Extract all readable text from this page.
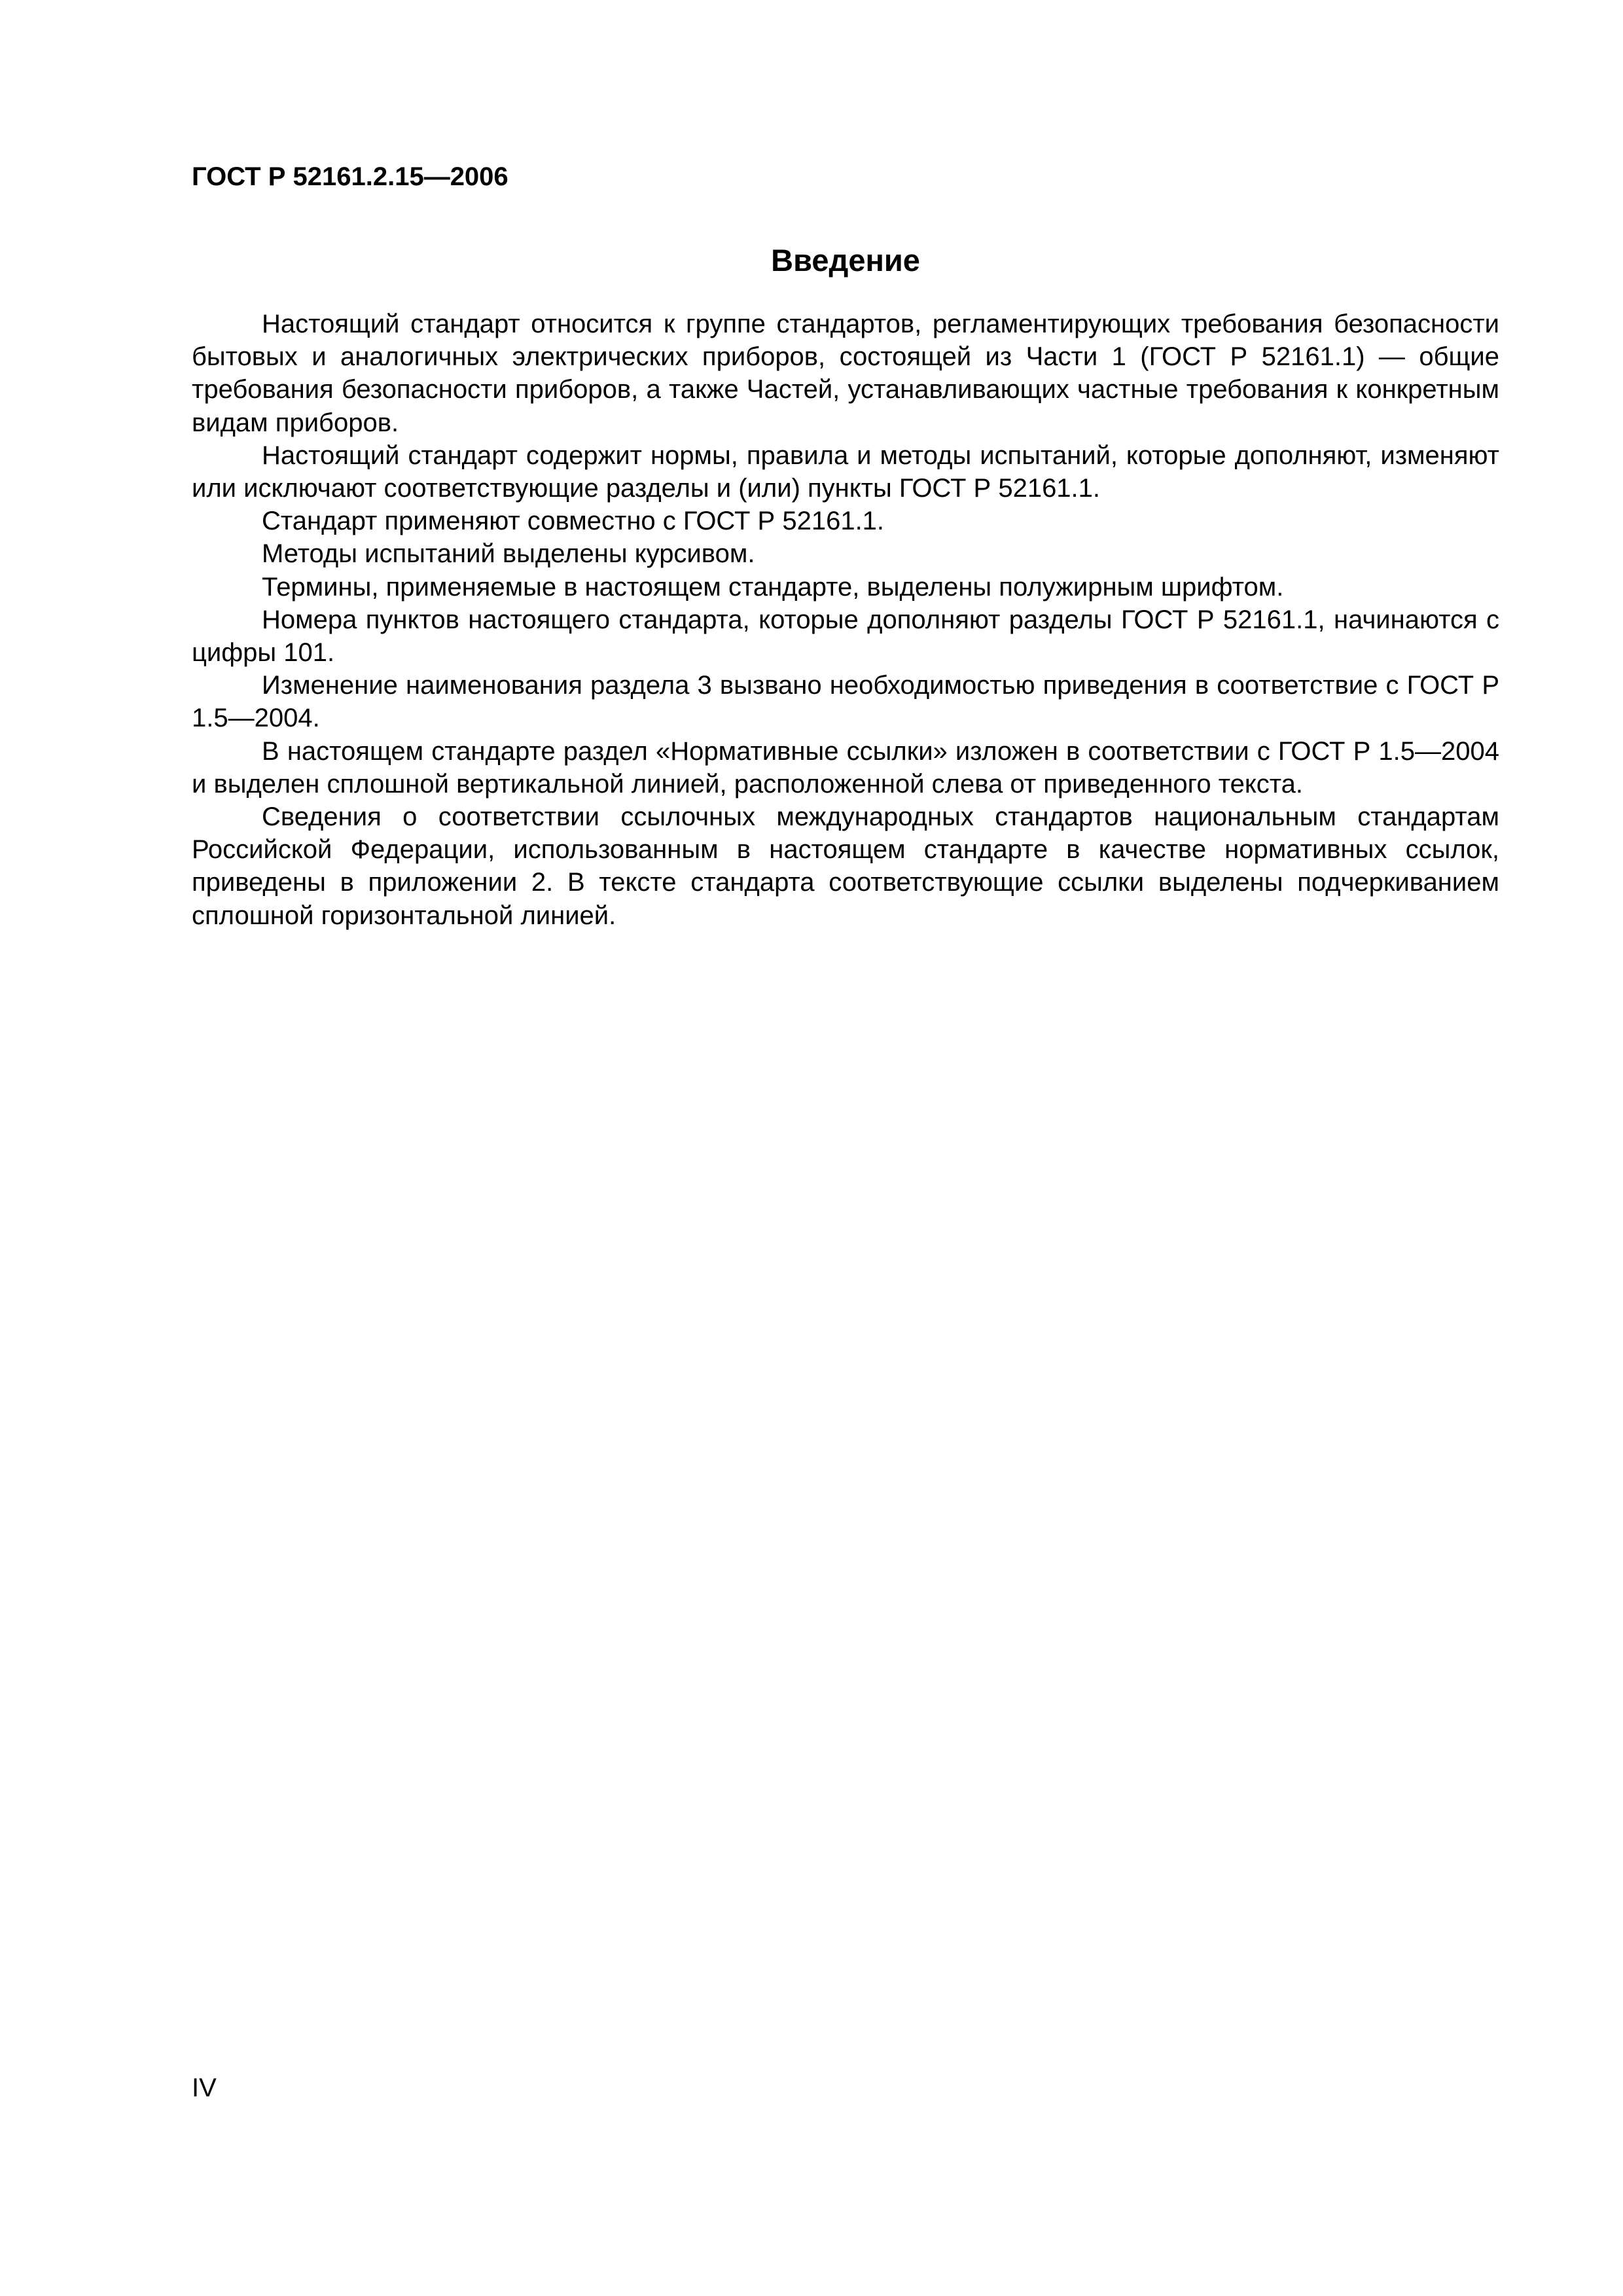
ГОСТ Р 52161.2.15—2006
Введение

Настоящий стандарт относится к группе стандартов, регламентирующих требования безопасности бытовых и аналогичных электрических приборов, состоящей из Части 1 (ГОСТ Р 52161.1) — общие требования безопасности приборов, а также Частей, устанавливающих частные требования к конкретным видам приборов.

Настоящий стандарт содержит нормы, правила и методы испытаний, которые дополняют, изменяют или исключают соответствующие разделы и (или) пункты ГОСТ Р 52161.1.

Стандарт применяют совместно с ГОСТ Р 52161.1.

Методы испытаний выделены курсивом.

Термины, применяемые в настоящем стандарте, выделены полужирным шрифтом.

Номера пунктов настоящего стандарта, которые дополняют разделы ГОСТ Р 52161.1, начинаются с цифры 101.

Изменение наименования раздела 3 вызвано необходимостью приведения в соответствие с ГОСТ Р 1.5—2004.

В настоящем стандарте раздел «Нормативные ссылки» изложен в соответствии с ГОСТ Р 1.5—2004 и выделен сплошной вертикальной линией, расположенной слева от приведенного текста.

Сведения о соответствии ссылочных международных стандартов национальным стандартам Российской Федерации, использованным в настоящем стандарте в качестве нормативных ссылок, приведены в приложении 2. В тексте стандарта соответствующие ссылки выделены подчеркиванием сплошной горизонтальной линией.

IV
